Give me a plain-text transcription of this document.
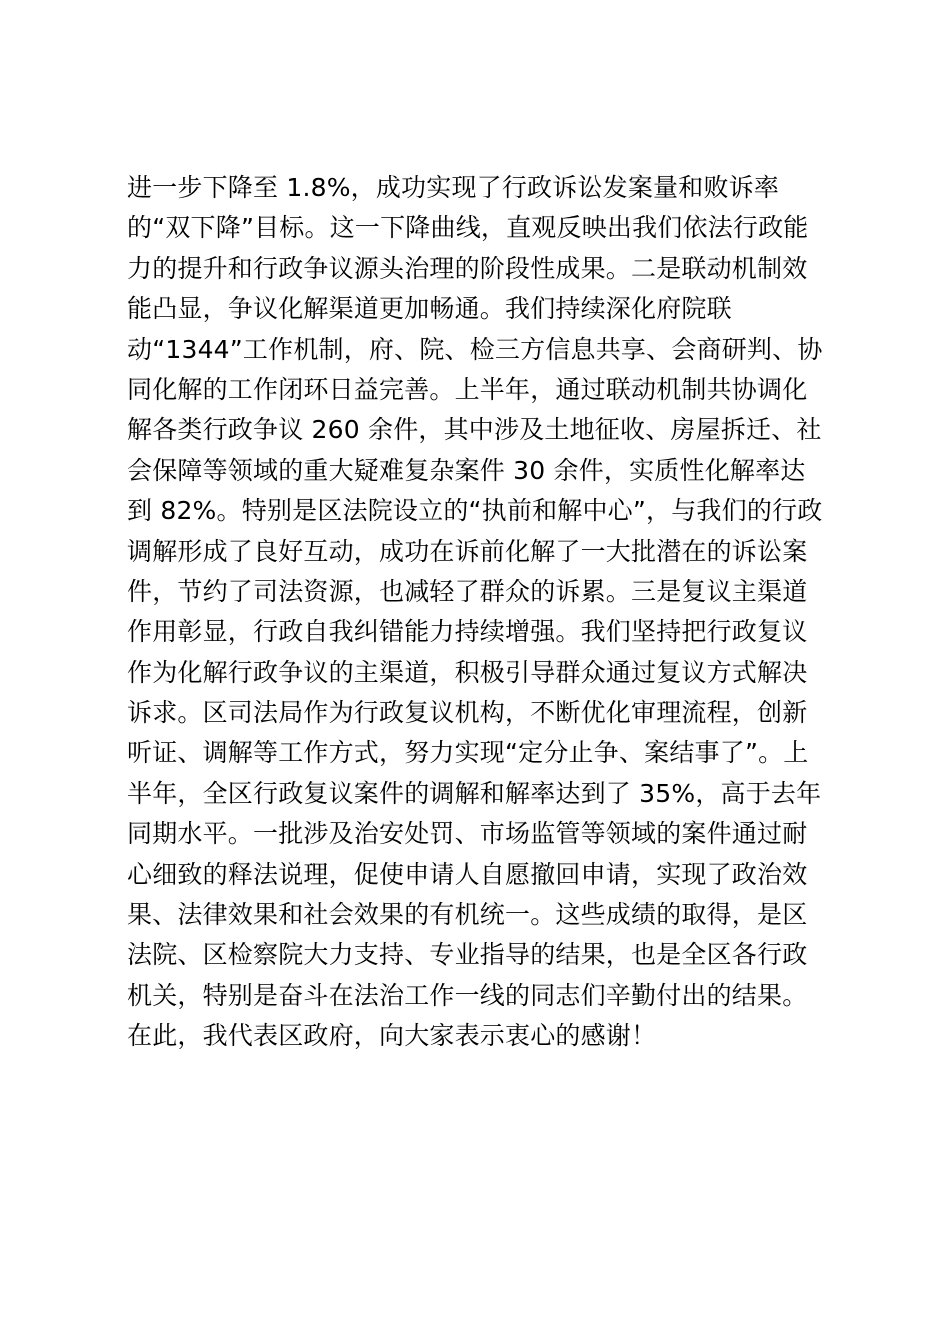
进一步下降至 1.8%，成功实现了行政诉讼发案量和败诉率
的“双下降”目标。这一下降曲线，直观反映出我们依法行政能
力的提升和行政争议源头治理的阶段性成果。二是联动机制效
能凸显，争议化解渠道更加畅通。我们持续深化府院联
动“1344”工作机制，府、院、检三方信息共享、会商研判、协
同化解的工作闭环日益完善。上半年，通过联动机制共协调化
解各类行政争议 260 余件，其中涉及土地征收、房屋拆迁、社
会保障等领域的重大疑难复杂案件 30 余件，实质性化解率达
到 82%。特别是区法院设立的“执前和解中心”，与我们的行政
调解形成了良好互动，成功在诉前化解了一大批潜在的诉讼案
件，节约了司法资源，也减轻了群众的诉累。三是复议主渠道
作用彰显，行政自我纠错能力持续增强。我们坚持把行政复议
作为化解行政争议的主渠道，积极引导群众通过复议方式解决
诉求。区司法局作为行政复议机构，不断优化审理流程，创新
听证、调解等工作方式，努力实现“定分止争、案结事了”。上
半年，全区行政复议案件的调解和解率达到了 35%，高于去年
同期水平。一批涉及治安处罚、市场监管等领域的案件通过耐
心细致的释法说理，促使申请人自愿撤回申请，实现了政治效
果、法律效果和社会效果的有机统一。这些成绩的取得，是区
法院、区检察院大力支持、专业指导的结果，也是全区各行政
机关，特别是奋斗在法治工作一线的同志们辛勤付出的结果。
在此，我代表区政府，向大家表示衷心的感谢！
